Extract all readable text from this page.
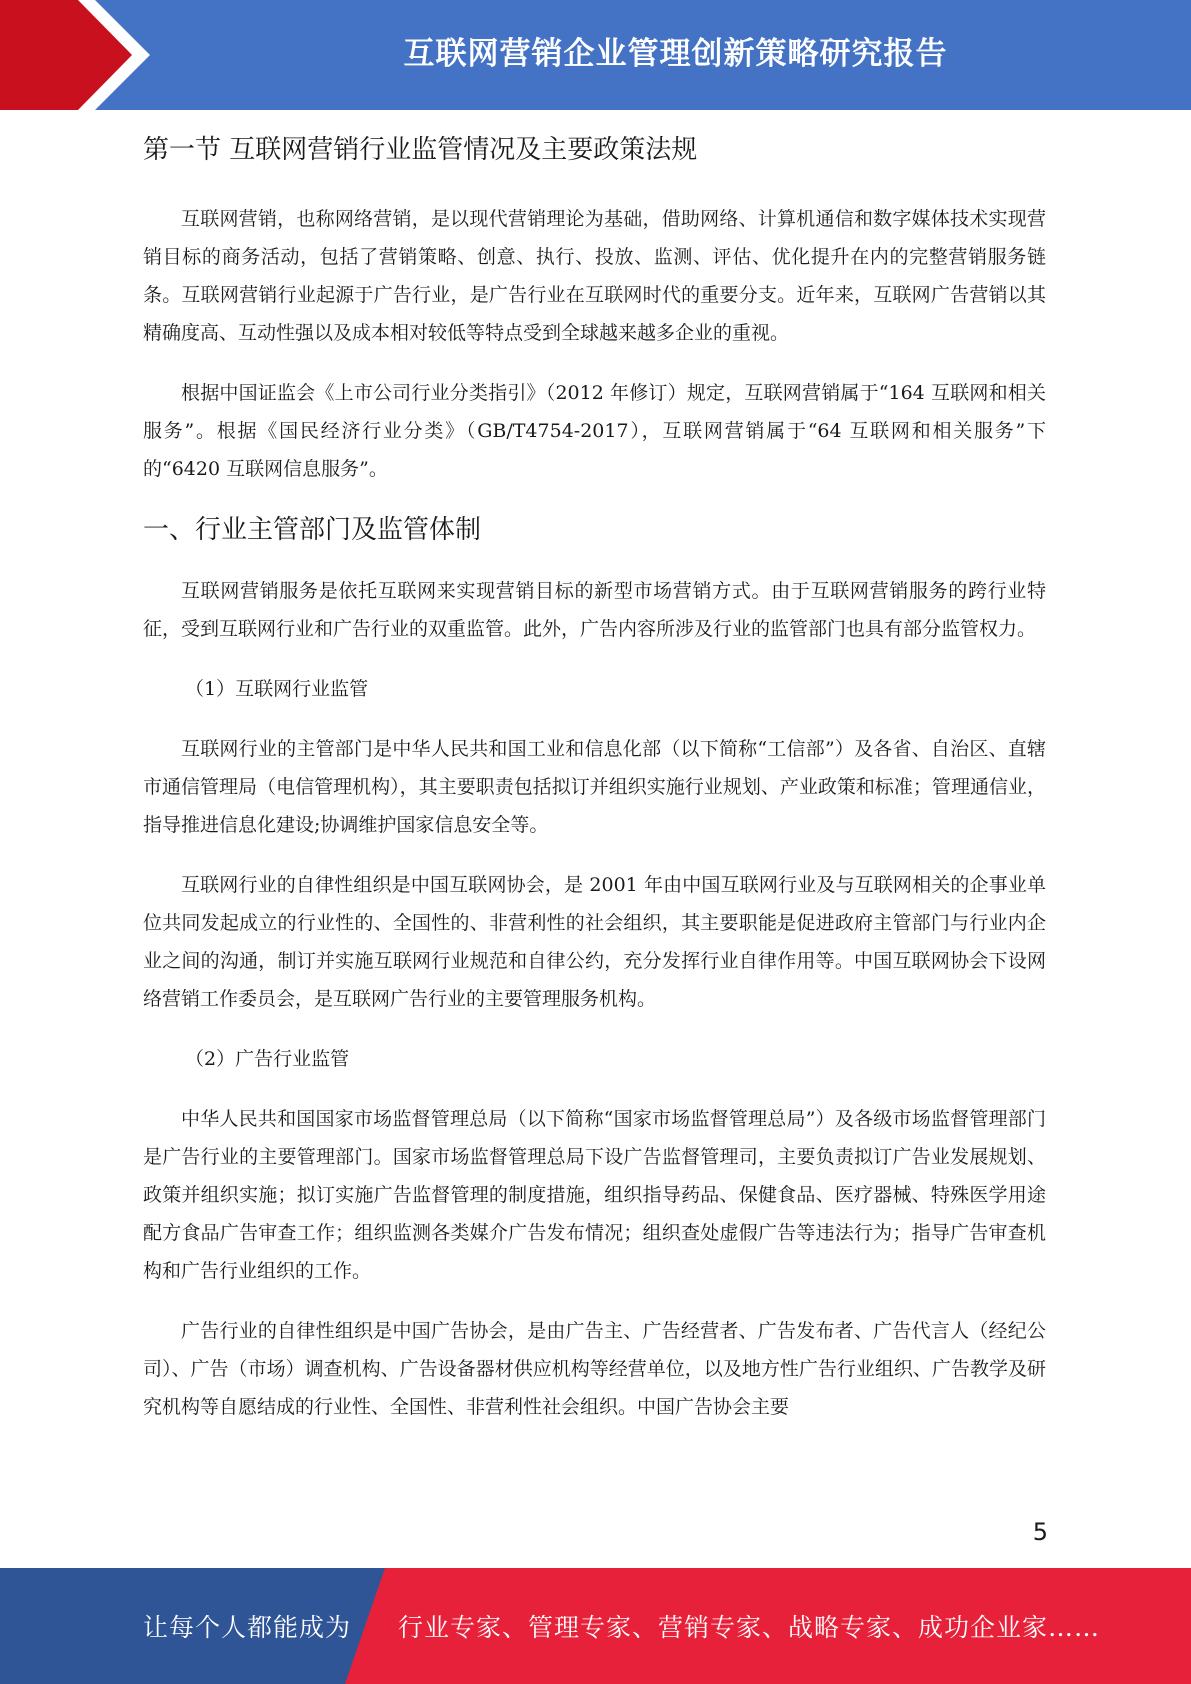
互联网营销企业管理创新策略研究报告
第一节 互联网营销行业监管情况及主要政策法规

互联网营销，也称网络营销，是以现代营销理论为基础，借助网络、计算机通信和数字媒体技术实现营销目标的商务活动，包括了营销策略、创意、执行、投放、监测、评估、优化提升在内的完整营销服务链条。互联网营销行业起源于广告行业，是广告行业在互联网时代的重要分支。近年来，互联网广告营销以其精确度高、互动性强以及成本相对较低等特点受到全球越来越多企业的重视。

根据中国证监会《上市公司行业分类指引》（2012 年修订）规定，互联网营销属于“164 互联网和相关服务”。根据《国民经济行业分类》（GB/T4754-2017），互联网营销属于“64 互联网和相关服务”下的“6420 互联网信息服务”。

一、行业主管部门及监管体制

互联网营销服务是依托互联网来实现营销目标的新型市场营销方式。由于互联网营销服务的跨行业特征，受到互联网行业和广告行业的双重监管。此外，广告内容所涉及行业的监管部门也具有部分监管权力。

（1）互联网行业监管

互联网行业的主管部门是中华人民共和国工业和信息化部（以下简称“工信部”）及各省、自治区、直辖市通信管理局（电信管理机构），其主要职责包括拟订并组织实施行业规划、产业政策和标准；管理通信业，指导推进信息化建设;协调维护国家信息安全等。

互联网行业的自律性组织是中国互联网协会，是 2001 年由中国互联网行业及与互联网相关的企事业单位共同发起成立的行业性的、全国性的、非营利性的社会组织，其主要职能是促进政府主管部门与行业内企业之间的沟通，制订并实施互联网行业规范和自律公约，充分发挥行业自律作用等。中国互联网协会下设网络营销工作委员会，是互联网广告行业的主要管理服务机构。

（2）广告行业监管

中华人民共和国国家市场监督管理总局（以下简称“国家市场监督管理总局”）及各级市场监督管理部门是广告行业的主要管理部门。国家市场监督管理总局下设广告监督管理司，主要负责拟订广告业发展规划、政策并组织实施；拟订实施广告监督管理的制度措施，组织指导药品、保健食品、医疗器械、特殊医学用途配方食品广告审查工作；组织监测各类媒介广告发布情况；组织查处虚假广告等违法行为；指导广告审查机构和广告行业组织的工作。

广告行业的自律性组织是中国广告协会，是由广告主、广告经营者、广告发布者、广告代言人（经纪公司）、广告（市场）调查机构、广告设备器材供应机构等经营单位，以及地方性广告行业组织、广告教学及研究机构等自愿结成的行业性、全国性、非营利性社会组织。中国广告协会主要

5
让每个人都能成为 行业专家、管理专家、营销专家、战略专家、成功企业家……
